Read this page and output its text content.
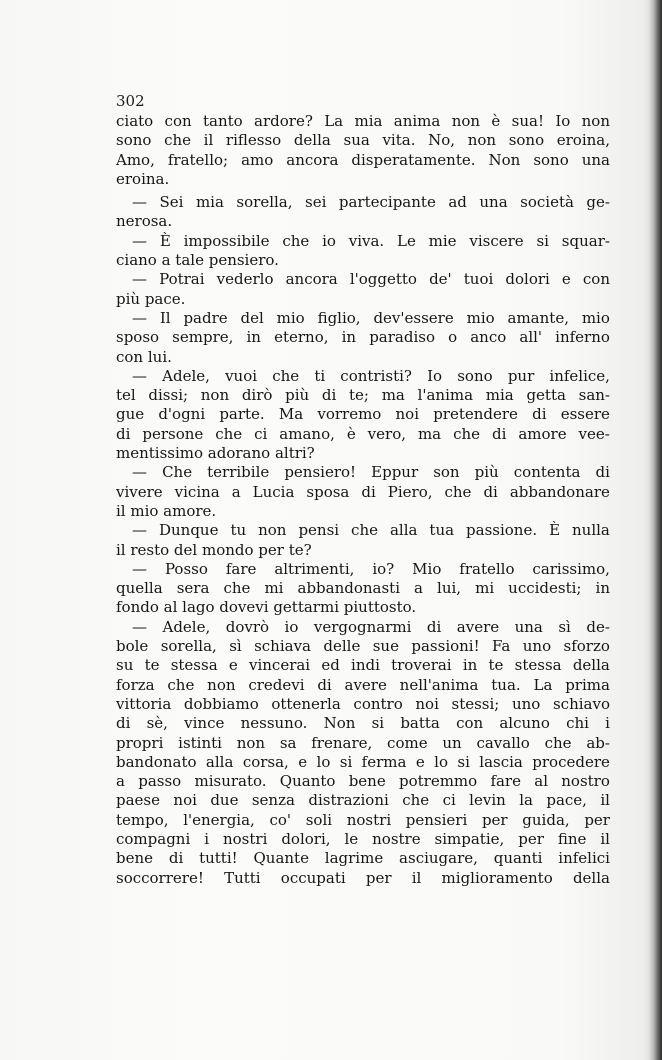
302
ciato con tanto ardore? La mia anima non è sua! Io non
sono che il riflesso della sua vita. No, non sono eroina,
Amo, fratello; amo ancora disperatamente. Non sono una
eroina.
— Sei mia sorella, sei partecipante ad una società ge-
nerosa.
— È impossibile che io viva. Le mie viscere si squar-
ciano a tale pensiero.
— Potrai vederlo ancora l'oggetto de' tuoi dolori e con
più pace.
— Il padre del mio figlio, dev'essere mio amante, mio
sposo sempre, in eterno, in paradiso o anco all' inferno
con lui.
— Adele, vuoi che ti contristi? Io sono pur infelice,
tel dissi; non dirò più di te; ma l'anima mia getta san-
gue d'ogni parte. Ma vorremo noi pretendere di essere
di persone che ci amano, è vero, ma che di amore vee-
mentissimo adorano altri?
— Che terribile pensiero! Eppur son più contenta di
vivere vicina a Lucia sposa di Piero, che di abbandonare
il mio amore.
— Dunque tu non pensi che alla tua passione. È nulla
il resto del mondo per te?
— Posso fare altrimenti, io? Mio fratello carissimo,
quella sera che mi abbandonasti a lui, mi uccidesti; in
fondo al lago dovevi gettarmi piuttosto.
— Adele, dovrò io vergognarmi di avere una sì de-
bole sorella, sì schiava delle sue passioni! Fa uno sforzo
su te stessa e vincerai ed indi troverai in te stessa della
forza che non credevi di avere nell'anima tua. La prima
vittoria dobbiamo ottenerla contro noi stessi; uno schiavo
di sè, vince nessuno. Non si batta con alcuno chi i
propri istinti non sa frenare, come un cavallo che ab-
bandonato alla corsa, e lo si ferma e lo si lascia procedere
a passo misurato. Quanto bene potremmo fare al nostro
paese noi due senza distrazioni che ci levin la pace, il
tempo, l'energia, co' soli nostri pensieri per guida, per
compagni i nostri dolori, le nostre simpatie, per fine il
bene di tutti! Quante lagrime asciugare, quanti infelici
soccorrere! Tutti occupati per il miglioramento della
